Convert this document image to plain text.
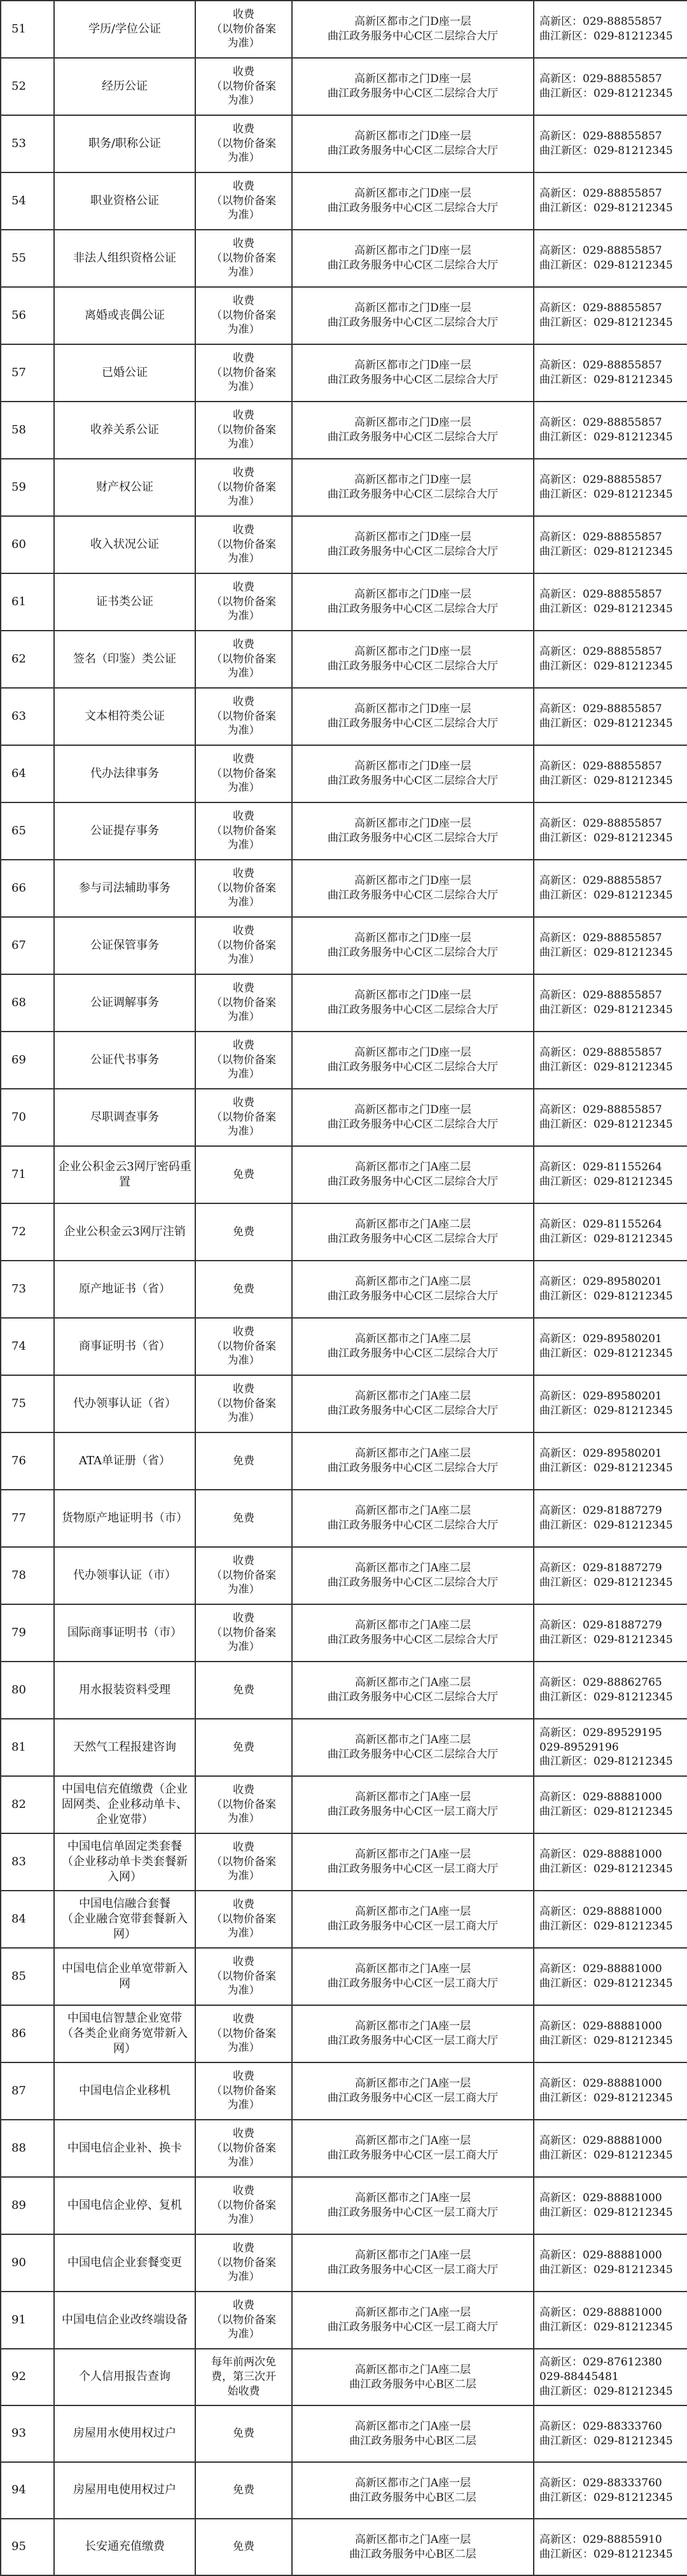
51	学历/学位公证	收费
（以物价备案
为准）	高新区都市之门D座一层
曲江政务服务中心C区二层综合大厅	高新区：029-88855857
曲江新区：029-81212345

52	经历公证	收费
（以物价备案
为准）	高新区都市之门D座一层
曲江政务服务中心C区二层综合大厅	高新区：029-88855857
曲江新区：029-81212345

53	职务/职称公证	收费
（以物价备案
为准）	高新区都市之门D座一层
曲江政务服务中心C区二层综合大厅	高新区：029-88855857
曲江新区：029-81212345

54	职业资格公证	收费
（以物价备案
为准）	高新区都市之门D座一层
曲江政务服务中心C区二层综合大厅	高新区：029-88855857
曲江新区：029-81212345

55	非法人组织资格公证	收费
（以物价备案
为准）	高新区都市之门D座一层
曲江政务服务中心C区二层综合大厅	高新区：029-88855857
曲江新区：029-81212345

56	离婚或丧偶公证	收费
（以物价备案
为准）	高新区都市之门D座一层
曲江政务服务中心C区二层综合大厅	高新区：029-88855857
曲江新区：029-81212345

57	已婚公证	收费
（以物价备案
为准）	高新区都市之门D座一层
曲江政务服务中心C区二层综合大厅	高新区：029-88855857
曲江新区：029-81212345

58	收养关系公证	收费
（以物价备案
为准）	高新区都市之门D座一层
曲江政务服务中心C区二层综合大厅	高新区：029-88855857
曲江新区：029-81212345

59	财产权公证	收费
（以物价备案
为准）	高新区都市之门D座一层
曲江政务服务中心C区二层综合大厅	高新区：029-88855857
曲江新区：029-81212345

60	收入状况公证	收费
（以物价备案
为准）	高新区都市之门D座一层
曲江政务服务中心C区二层综合大厅	高新区：029-88855857
曲江新区：029-81212345

61	证书类公证	收费
（以物价备案
为准）	高新区都市之门D座一层
曲江政务服务中心C区二层综合大厅	高新区：029-88855857
曲江新区：029-81212345

62	签名（印鉴）类公证	收费
（以物价备案
为准）	高新区都市之门D座一层
曲江政务服务中心C区二层综合大厅	高新区：029-88855857
曲江新区：029-81212345

63	文本相符类公证	收费
（以物价备案
为准）	高新区都市之门D座一层
曲江政务服务中心C区二层综合大厅	高新区：029-88855857
曲江新区：029-81212345

64	代办法律事务	收费
（以物价备案
为准）	高新区都市之门D座一层
曲江政务服务中心C区二层综合大厅	高新区：029-88855857
曲江新区：029-81212345

65	公证提存事务	收费
（以物价备案
为准）	高新区都市之门D座一层
曲江政务服务中心C区二层综合大厅	高新区：029-88855857
曲江新区：029-81212345

66	参与司法辅助事务	收费
（以物价备案
为准）	高新区都市之门D座一层
曲江政务服务中心C区二层综合大厅	高新区：029-88855857
曲江新区：029-81212345

67	公证保管事务	收费
（以物价备案
为准）	高新区都市之门D座一层
曲江政务服务中心C区二层综合大厅	高新区：029-88855857
曲江新区：029-81212345

68	公证调解事务	收费
（以物价备案
为准）	高新区都市之门D座一层
曲江政务服务中心C区二层综合大厅	高新区：029-88855857
曲江新区：029-81212345

69	公证代书事务	收费
（以物价备案
为准）	高新区都市之门D座一层
曲江政务服务中心C区二层综合大厅	高新区：029-88855857
曲江新区：029-81212345

70	尽职调查事务	收费
（以物价备案
为准）	高新区都市之门D座一层
曲江政务服务中心C区二层综合大厅	高新区：029-88855857
曲江新区：029-81212345

71	企业公积金云3网厅密码重置	免费	高新区都市之门A座二层
曲江政务服务中心C区二层综合大厅	高新区：029-81155264
曲江新区：029-81212345

72	企业公积金云3网厅注销	免费	高新区都市之门A座二层
曲江政务服务中心C区二层综合大厅	高新区：029-81155264
曲江新区：029-81212345

73	原产地证书（省）	免费	高新区都市之门A座二层
曲江政务服务中心C区二层综合大厅	高新区：029-89580201
曲江新区：029-81212345

74	商事证明书（省）	收费
（以物价备案
为准）	高新区都市之门A座二层
曲江政务服务中心C区二层综合大厅	高新区：029-89580201
曲江新区：029-81212345

75	代办领事认证（省）	收费
（以物价备案
为准）	高新区都市之门A座二层
曲江政务服务中心C区二层综合大厅	高新区：029-89580201
曲江新区：029-81212345

76	ATA单证册（省）	免费	高新区都市之门A座二层
曲江政务服务中心C区二层综合大厅	高新区：029-89580201
曲江新区：029-81212345

77	货物原产地证明书（市）	免费	高新区都市之门A座二层
曲江政务服务中心C区二层综合大厅	高新区：029-81887279
曲江新区：029-81212345

78	代办领事认证（市）	收费
（以物价备案
为准）	高新区都市之门A座二层
曲江政务服务中心C区二层综合大厅	高新区：029-81887279
曲江新区：029-81212345

79	国际商事证明书（市）	收费
（以物价备案
为准）	高新区都市之门A座二层
曲江政务服务中心C区二层综合大厅	高新区：029-81887279
曲江新区：029-81212345

80	用水报装资料受理	免费	高新区都市之门A座二层
曲江政务服务中心C区二层综合大厅	高新区：029-88862765
曲江新区：029-81212345

81	天然气工程报建咨询	免费	高新区都市之门A座二层
曲江政务服务中心C区二层综合大厅	高新区：029-89529195
029-89529196
曲江新区：029-81212345

82	中国电信充值缴费（企业
固网类、企业移动单卡、
企业宽带）	收费
（以物价备案
为准）	高新区都市之门A座一层
曲江政务服务中心C区一层工商大厅	高新区：029-88881000
曲江新区：029-81212345

83	中国电信单固定类套餐
（企业移动单卡类套餐新
入网）	收费
（以物价备案
为准）	高新区都市之门A座一层
曲江政务服务中心C区一层工商大厅	高新区：029-88881000
曲江新区：029-81212345

84	中国电信融合套餐
（企业融合宽带套餐新入
网）	收费
（以物价备案
为准）	高新区都市之门A座一层
曲江政务服务中心C区一层工商大厅	高新区：029-88881000
曲江新区：029-81212345

85	中国电信企业单宽带新入
网	收费
（以物价备案
为准）	高新区都市之门A座一层
曲江政务服务中心C区一层工商大厅	高新区：029-88881000
曲江新区：029-81212345

86	中国电信智慧企业宽带
（各类企业商务宽带新入
网）	收费
（以物价备案
为准）	高新区都市之门A座一层
曲江政务服务中心C区一层工商大厅	高新区：029-88881000
曲江新区：029-81212345

87	中国电信企业移机	收费
（以物价备案
为准）	高新区都市之门A座一层
曲江政务服务中心C区一层工商大厅	高新区：029-88881000
曲江新区：029-81212345

88	中国电信企业补、换卡	收费
（以物价备案
为准）	高新区都市之门A座一层
曲江政务服务中心C区一层工商大厅	高新区：029-88881000
曲江新区：029-81212345

89	中国电信企业停、复机	收费
（以物价备案
为准）	高新区都市之门A座一层
曲江政务服务中心C区一层工商大厅	高新区：029-88881000
曲江新区：029-81212345

90	中国电信企业套餐变更	收费
（以物价备案
为准）	高新区都市之门A座一层
曲江政务服务中心C区一层工商大厅	高新区：029-88881000
曲江新区：029-81212345

91	中国电信企业改终端设备	收费
（以物价备案
为准）	高新区都市之门A座一层
曲江政务服务中心C区一层工商大厅	高新区：029-88881000
曲江新区：029-81212345

92	个人信用报告查询	每年前两次免
费，第三次开
始收费	高新区都市之门A座二层
曲江政务服务中心B区二层	高新区：029-87612380
029-88445481
曲江新区：029-81212345

93	房屋用水使用权过户	免费	高新区都市之门A座一层
曲江政务服务中心B区二层	高新区：029-88333760
曲江新区：029-81212345

94	房屋用电使用权过户	免费	高新区都市之门A座一层
曲江政务服务中心B区二层	高新区：029-88333760
曲江新区：029-81212345

95	长安通充值缴费	免费	高新区都市之门A座一层
曲江政务服务中心B区二层	高新区：029-88855910
曲江新区：029-81212345
